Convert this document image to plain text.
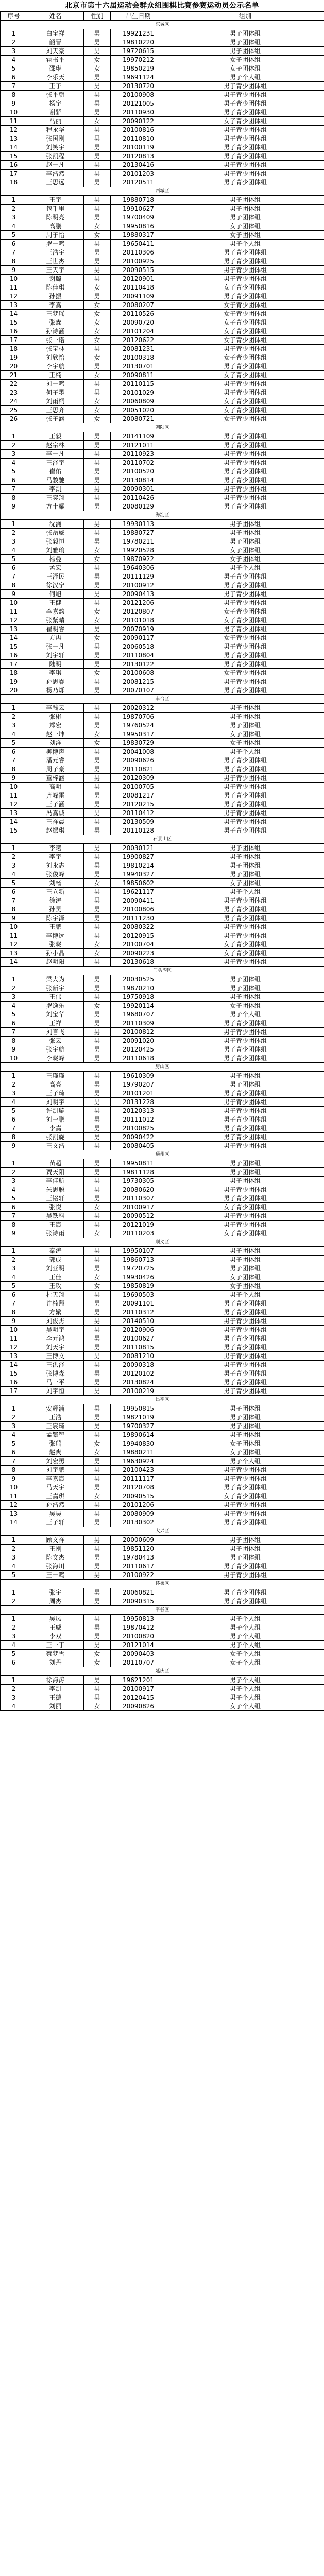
北京市第十六届运动会群众组围棋比赛参赛运动员公示名单
序号	姓名	性别	出生日期	组别
东城区				
1	白宝祥	男	19921231	男子团体组
2	韶晋	男	19810220	男子团体组
3	刘天豪	男	19720615	男子团体组
4	霍书平	女	19970212	女子团体组
5	邵琳	女	19850219	女子团体组
6	李乐天	男	19691124	男子个人组
7	王子	男	20130720	男子青少团体组
8	张平朝	男	20100908	男子青少团体组
9	杨宇	男	20121005	男子青少团体组
10	谢骄	男	20110930	男子青少团体组
11	马丽	女	20090122	女子青少团体组
12	程永华	男	20100816	男子青少团体组
13	张国刚	男	20110810	男子青少团体组
14	刘笑宇	男	20100119	男子青少团体组
15	张凯程	男	20120813	男子青少团体组
16	赵一凡	男	20130416	男子青少团体组
17	李浩然	男	20101203	男子青少团体组
18	王思远	男	20120511	男子青少团体组
西城区				
1	王宇	男	19880718	男子团体组
2	包千里	男	19910627	男子团体组
3	陈明亮	男	19700409	男子团体组
4	高鹏	女	19950816	女子团体组
5	周子怡	女	19880317	女子团体组
6	罗一鸣	男	19650411	男子个人组
7	王浩宇	男	20110306	男子青少团体组
8	王世杰	男	20100925	男子青少团体组
9	王天宇	男	20090515	男子青少团体组
10	谢璐	男	20120901	男子青少团体组
11	陈佳琪	女	20110418	女子青少团体组
12	孙振	男	20091109	男子青少团体组
13	李嘉	女	20080207	女子青少团体组
14	王梦瑶	女	20110526	女子青少团体组
15	张鑫	女	20090720	女子青少团体组
16	孙诗涵	女	20101204	女子青少团体组
17	张一诺	女	20120622	女子青少团体组
18	张宝林	男	20081231	男子青少团体组
19	刘欣怡	女	20100318	女子青少团体组
20	李宇航	男	20130701	男子青少团体组
21	王楠	女	20090811	女子青少团体组
22	刘一鸣	男	20110115	男子青少团体组
23	何子墨	男	20101029	男子青少团体组
24	刘雨桐	女	20060809	女子青少团体组
25	王思齐	女	20051020	女子青少团体组
26	张子涵	女	20080721	女子青少团体组
朝阳区				
1	王毅	男	20141109	男子青少团体组
2	赵宗林	男	20121011	男子青少团体组
3	李一凡	男	20110923	男子青少团体组
4	王泽宇	男	20110702	男子青少团体组
5	崔佑	男	20100520	男子青少团体组
6	马骏驰	男	20130814	男子青少团体组
7	李凯	男	20090301	男子青少团体组
8	王奕翔	男	20110426	男子青少团体组
9	方十耀	男	20080129	男子青少团体组
海淀区				
1	沈涌	男	19930113	男子团体组
2	张岳威	男	19880727	男子团体组
3	张毅恒	男	19780211	男子团体组
4	刘雅瑜	女	19920528	女子团体组
5	杨曼	女	19870922	女子团体组
6	孟宏	男	19640306	男子个人组
7	王泽民	男	20111129	男子青少团体组
8	徐汉宁	男	20100912	男子青少团体组
9	何旭	男	20090413	男子青少团体组
10	王健	男	20121206	男子青少团体组
11	李嘉韵	女	20120807	女子青少团体组
12	张紫晴	女	20101018	女子青少团体组
13	崔明睿	男	20070919	男子青少团体组
14	方冉	女	20090117	女子青少团体组
15	张一凡	男	20060518	男子青少团体组
16	刘宇轩	男	20110804	男子青少团体组
17	陆明	男	20130122	男子青少团体组
18	李琪	女	20100608	女子青少团体组
19	孙思睿	男	20081215	男子青少团体组
20	杨乃烁	男	20070107	男子青少团体组
丰台区				
1	李翰云	男	20020312	男子团体组
2	张彬	男	19870706	男子团体组
3	郑宏	男	19760524	男子团体组
4	赵一坤	女	19950317	女子团体组
5	刘洋	女	19830729	女子团体组
6	柳博声	男	20041008	男子个人组
7	潘元睿	男	20090626	男子青少团体组
8	周子豪	男	20110821	男子青少团体组
9	董梓涵	男	20120309	男子青少团体组
10	高明	男	20100705	男子青少团体组
11	齐峰雷	男	20081217	男子青少团体组
12	王子涵	男	20120215	男子青少团体组
13	冯嘉诚	男	20110412	男子青少团体组
14	王祥晨	男	20130509	男子青少团体组
15	赵振琪	男	20110128	男子青少团体组
石景山区				
1	李曦	男	20030121	男子团体组
2	李宇	男	19900827	男子团体组
3	刘永志	男	19810214	男子团体组
4	张俊峰	男	19940327	男子团体组
5	刘畅	女	19850602	女子团体组
6	王立新	男	19621117	男子个人组
7	徐涛	男	20090411	男子青少团体组
8	孙昊	男	20100806	男子青少团体组
9	陈宇泽	男	20111230	男子青少团体组
10	王鹏	男	20080322	男子青少团体组
11	李博远	男	20120915	男子青少团体组
12	张晓	女	20100704	女子青少团体组
13	孙小晶	女	20090223	女子青少团体组
14	赵明阳	男	20130618	男子青少团体组
门头沟区				
1	梁大为	男	20030525	男子团体组
2	张新宇	男	19870210	男子团体组
3	王伟	男	19750918	男子团体组
4	罗逸乐	女	19920114	女子团体组
5	刘宝华	男	19680707	男子个人组
6	王祥	男	20110309	男子青少团体组
7	刘言飞	男	20100812	男子青少团体组
8	张云	男	20091020	男子青少团体组
9	张宇航	男	20120425	男子青少团体组
10	李晓峰	男	20110618	男子青少团体组
房山区				
1	王瑾瑾	男	19610309	男子团体组
2	高亮	男	19790207	男子团体组
3	王子琦	男	20101201	男子青少团体组
4	刘明宇	男	20131228	男子青少团体组
5	许凯璇	男	20120313	男子青少团体组
6	刘一鹏	男	20111012	男子青少团体组
7	李嘉	男	20100825	男子青少团体组
8	张凯旋	男	20090422	男子青少团体组
9	王文浩	男	20080405	男子青少团体组
通州区				
1	苗超	男	19950811	男子团体组
2	贾天阳	男	19811128	男子团体组
3	李佳航	男	19730305	男子团体组
4	朱思聪	男	20080620	男子青少团体组
5	王铭轩	男	20110307	男子青少团体组
6	张悦	女	20100917	女子青少团体组
7	吴铁科	男	20090512	男子青少团体组
8	王宸	男	20121019	男子青少团体组
9	张诗雨	女	20110203	女子青少团体组
顺义区				
1	秦涛	男	19950107	男子团体组
2	郭成	男	19860713	男子团体组
3	刘亚明	男	19720725	男子团体组
4	王佳	女	19930426	女子团体组
5	王玫	女	19850819	女子团体组
6	杜天翔	男	19690503	男子个人组
7	许楠翔	男	20091101	男子青少团体组
8	方繁	男	20110312	男子青少团体组
9	刘俊杰	男	20140510	男子青少团体组
10	吴明宇	男	20120906	男子青少团体组
11	李元鸿	男	20100627	男子青少团体组
12	刘天宇	男	20110815	男子青少团体组
13	王博文	男	20081210	男子青少团体组
14	王洪泽	男	20090318	男子青少团体组
15	张博森	男	20120102	男子青少团体组
16	马一平	男	20130824	男子青少团体组
17	刘宇恒	男	20100219	男子青少团体组
昌平区				
1	安辉浦	男	19950815	男子团体组
2	王浩	男	19821019	男子团体组
3	王宸琦	男	19700327	男子团体组
4	孟繁智	男	19890614	男子团体组
5	张瑞	女	19940830	女子团体组
6	赵爽	女	19880211	女子团体组
7	刘宏勇	男	19630924	男子个人组
8	刘宇鹏	男	20100423	男子青少团体组
9	李嘉宸	男	20111117	男子青少团体组
10	马天宇	男	20120708	男子青少团体组
11	王嘉琪	女	20090515	女子青少团体组
12	孙浩然	男	20101206	男子青少团体组
13	吴昊	男	20080909	男子青少团体组
14	王子轩	男	20130302	男子青少团体组
大兴区				
1	顾文祥	男	20000609	男子团体组
2	王刚	男	19851120	男子团体组
3	陈文杰	男	19780413	男子团体组
4	张海川	男	20110617	男子青少团体组
5	王一鸣	男	20100922	男子青少团体组
怀柔区				
1	张宇	男	20060821	男子青少团体组
2	周杰	男	20090315	男子青少团体组
平谷区				
1	吴凤	男	19950813	男子个人组
2	王威	男	19870412	男子个人组
3	李双	男	20100820	男子个人组
4	王一丁	男	20121014	男子个人组
5	蔡梦雪	女	20090403	女子个人组
6	刘丹	女	20110707	女子个人组
延庆区				
1	徐海涛	男	19621201	男子个人组
2	李凯	男	20100917	男子个人组
3	王德	男	20120415	男子个人组
4	刘丽	女	20090826	女子个人组
